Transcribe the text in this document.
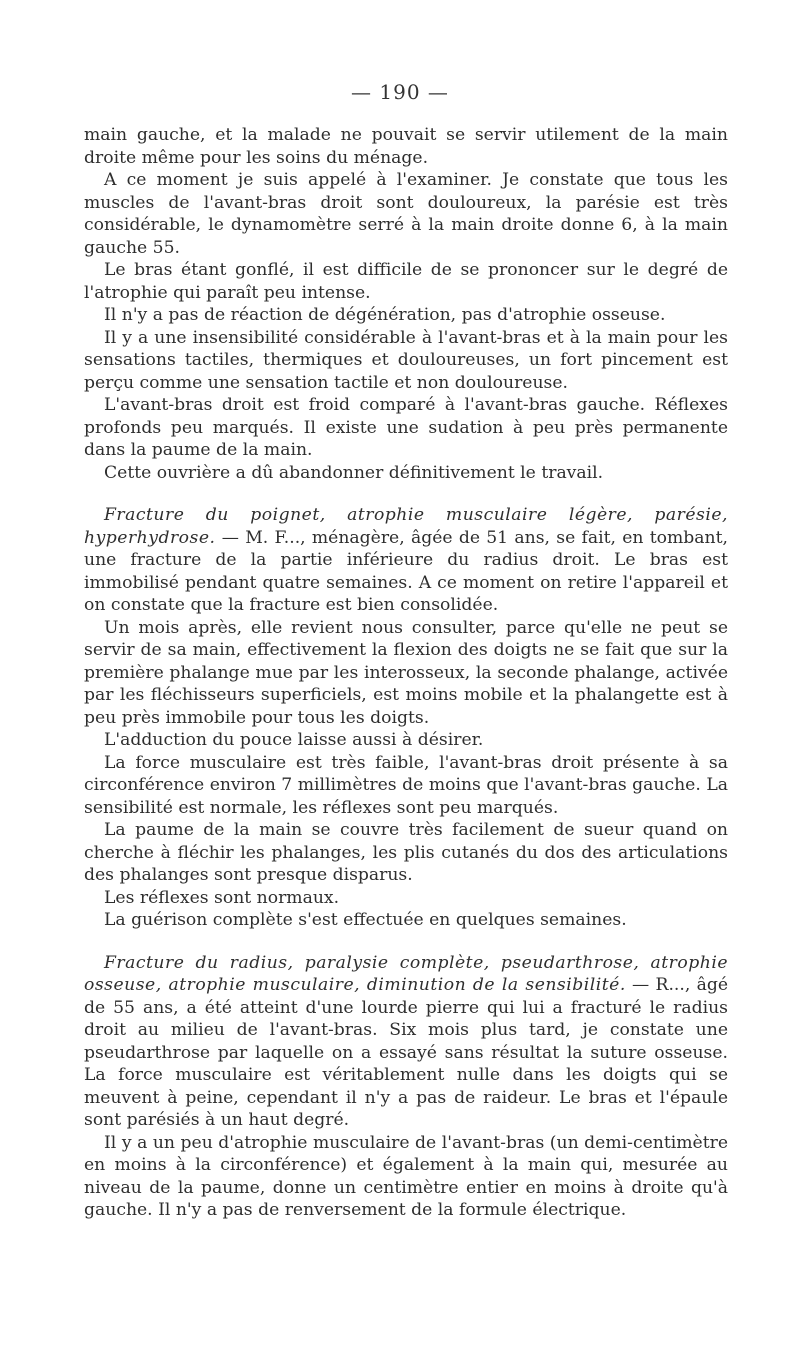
— 190 —

main gauche, et la malade ne pouvait se servir utilement de la main droite même pour les soins du ménage.

A ce moment je suis appelé à l'examiner. Je constate que tous les muscles de l'avant-bras droit sont douloureux, la parésie est très considérable, le dynamomètre serré à la main droite donne 6, à la main gauche 55.

Le bras étant gonflé, il est difficile de se prononcer sur le degré de l'atrophie qui paraît peu intense.

Il n'y a pas de réaction de dégénération, pas d'atrophie osseuse.

Il y a une insensibilité considérable à l'avant-bras et à la main pour les sensations tactiles, thermiques et douloureuses, un fort pincement est perçu comme une sensation tactile et non douloureuse.

L'avant-bras droit est froid comparé à l'avant-bras gauche. Réflexes profonds peu marqués. Il existe une sudation à peu près permanente dans la paume de la main.

Cette ouvrière a dû abandonner définitivement le travail.

Fracture du poignet, atrophie musculaire légère, parésie, hyperhydrose. — M. F..., ménagère, âgée de 51 ans, se fait, en tombant, une fracture de la partie inférieure du radius droit. Le bras est immobilisé pendant quatre semaines. A ce moment on retire l'appareil et on constate que la fracture est bien consolidée.

Un mois après, elle revient nous consulter, parce qu'elle ne peut se servir de sa main, effectivement la flexion des doigts ne se fait que sur la première phalange mue par les interosseux, la seconde phalange, activée par les fléchisseurs superficiels, est moins mobile et la phalangette est à peu près immobile pour tous les doigts.

L'adduction du pouce laisse aussi à désirer.

La force musculaire est très faible, l'avant-bras droit présente à sa circonférence environ 7 millimètres de moins que l'avant-bras gauche. La sensibilité est normale, les réflexes sont peu marqués.

La paume de la main se couvre très facilement de sueur quand on cherche à fléchir les phalanges, les plis cutanés du dos des articulations des phalanges sont presque disparus.

Les réflexes sont normaux.

La guérison complète s'est effectuée en quelques semaines.

Fracture du radius, paralysie complète, pseudarthrose, atrophie osseuse, atrophie musculaire, diminution de la sensibilité. — R..., âgé de 55 ans, a été atteint d'une lourde pierre qui lui a fracturé le radius droit au milieu de l'avant-bras. Six mois plus tard, je constate une pseudarthrose par laquelle on a essayé sans résultat la suture osseuse. La force musculaire est véritablement nulle dans les doigts qui se meuvent à peine, cependant il n'y a pas de raideur. Le bras et l'épaule sont parésiés à un haut degré.

Il y a un peu d'atrophie musculaire de l'avant-bras (un demi-centimètre en moins à la circonférence) et également à la main qui, mesurée au niveau de la paume, donne un centimètre entier en moins à droite qu'à gauche. Il n'y a pas de renversement de la formule électrique.
